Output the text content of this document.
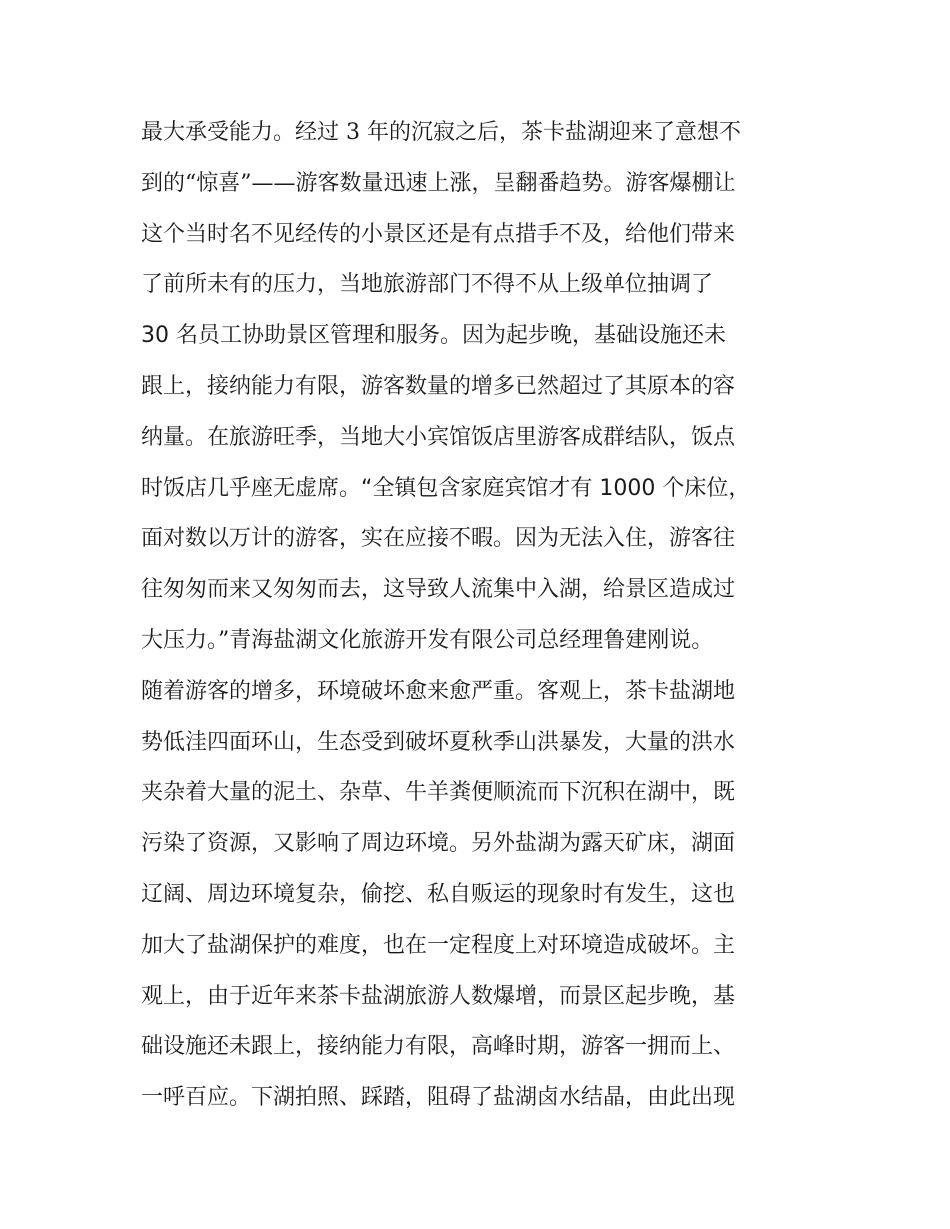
最大承受能力。经过 3 年的沉寂之后，茶卡盐湖迎来了意想不
到的“惊喜”——游客数量迅速上涨，呈翻番趋势。游客爆棚让
这个当时名不见经传的小景区还是有点措手不及，给他们带来
了前所未有的压力，当地旅游部门不得不从上级单位抽调了
30 名员工协助景区管理和服务。因为起步晚，基础设施还未
跟上，接纳能力有限，游客数量的增多已然超过了其原本的容
纳量。在旅游旺季，当地大小宾馆饭店里游客成群结队，饭点
时饭店几乎座无虚席。“全镇包含家庭宾馆才有 1000 个床位，
面对数以万计的游客，实在应接不暇。因为无法入住，游客往
往匆匆而来又匆匆而去，这导致人流集中入湖，给景区造成过
大压力。”青海盐湖文化旅游开发有限公司总经理鲁建刚说。
随着游客的增多，环境破坏愈来愈严重。客观上，茶卡盐湖地
势低洼四面环山，生态受到破坏夏秋季山洪暴发，大量的洪水
夹杂着大量的泥土、杂草、牛羊粪便顺流而下沉积在湖中，既
污染了资源，又影响了周边环境。另外盐湖为露天矿床，湖面
辽阔、周边环境复杂，偷挖、私自贩运的现象时有发生，这也
加大了盐湖保护的难度，也在一定程度上对环境造成破坏。主
观上，由于近年来茶卡盐湖旅游人数爆增，而景区起步晚，基
础设施还未跟上，接纳能力有限，高峰时期，游客一拥而上、
一呼百应。下湖拍照、踩踏，阻碍了盐湖卤水结晶，由此出现
